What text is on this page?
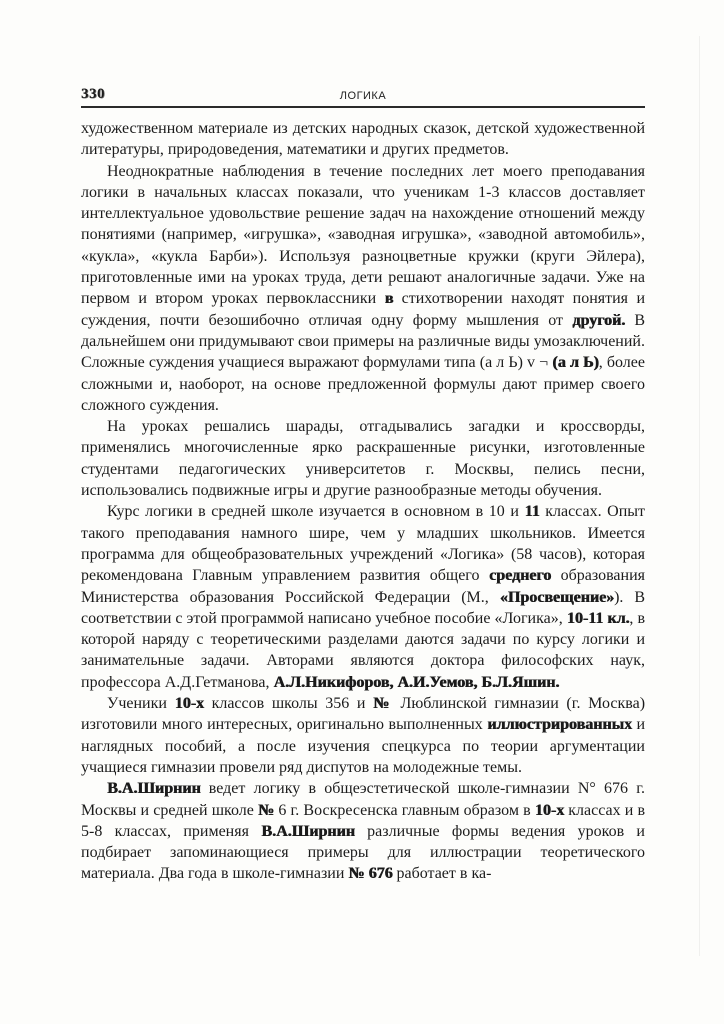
330	ЛОГИКА

художественном материале из детских народных сказок, детской художественной литературы, природоведения, математики и других предметов.

Неоднократные наблюдения в течение последних лет моего преподавания логики в начальных классах показали, что ученикам 1-3 классов доставляет интеллектуальное удовольствие решение задач на нахождение отношений между понятиями (например, «игрушка», «заводная игрушка», «заводной автомобиль», «кукла», «кукла Барби»). Используя разноцветные кружки (круги Эйлера), приготовленные ими на уроках труда, дети решают аналогичные задачи. Уже на первом и втором уроках первоклассники в стихотворении находят понятия и суждения, почти безошибочно отличая одну форму мышления от другой. В дальнейшем они придумывают свои примеры на различные виды умозаключений. Сложные суждения учащиеся выражают формулами типа (а л Ь) v ¬ (а л Ь), более сложными и, наоборот, на основе предложенной формулы дают пример своего сложного суждения.

На уроках решались шарады, отгадывались загадки и кроссворды, применялись многочисленные ярко раскрашенные рисунки, изготовленные студентами педагогических университетов г. Москвы, пелись песни, использовались подвижные игры и другие разнообразные методы обучения.

Курс логики в средней школе изучается в основном в 10 и 11 классах. Опыт такого преподавания намного шире, чем у младших школьников. Имеется программа для общеобразовательных учреждений «Логика» (58 часов), которая рекомендована Главным управлением развития общего среднего образования Министерства образования Российской Федерации (М., «Просвещение»). В соответствии с этой программой написано учебное пособие «Логика», 10-11 кл., в которой наряду с теоретическими разделами даются задачи по курсу логики и занимательные задачи. Авторами являются доктора философских наук, профессора А.Д.Гетманова, А.Л.Никифоров, А.И.Уемов, Б.Л.Яшин.

Ученики 10-х классов школы 356 и № Люблинской гимназии (г. Москва) изготовили много интересных, оригинально выполненных иллюстрированных и наглядных пособий, а после изучения спецкурса по теории аргументации учащиеся гимназии провели ряд диспутов на молодежные темы.

В.А.Ширнин ведет логику в общеэстетической школе-гимназии N° 676 г. Москвы и средней школе № 6 г. Воскресенска главным образом в 10-х классах и в 5-8 классах, применяя В.А.Ширнин различные формы ведения уроков и подбирает запоминающиеся примеры для иллюстрации теоретического материала. Два года в школе-гимназии № 676 работает в ка-
